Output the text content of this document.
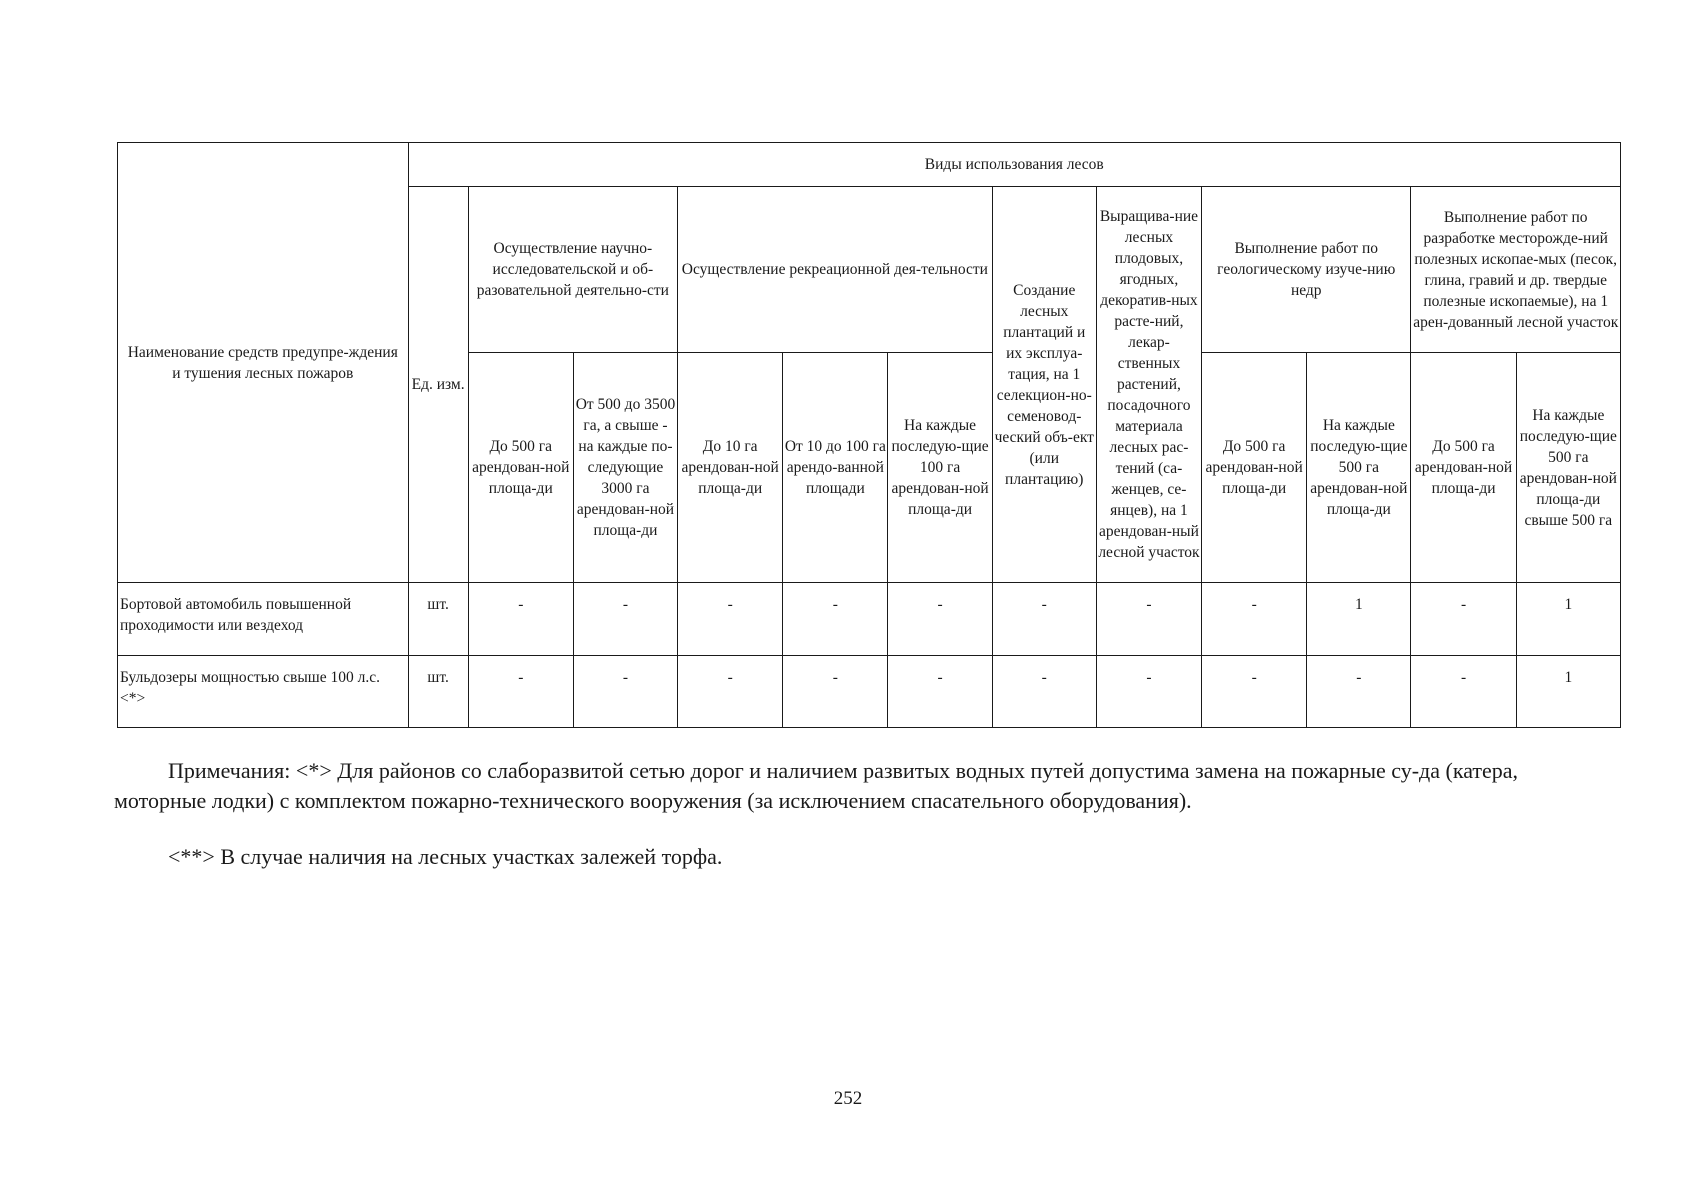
Наименование средств предупре-ждения и тушения лесных пожаров	Виды использования лесов											
	Ед. изм.	Осуществление научно-исследовательской и об-разовательной деятельно-сти		Осуществление рекреационной дея-тельности			Создание лесных плантаций и их эксплуа-тация, на 1 селекцион-но-семеновод-ческий объ-ект (или плантацию)	Выращива-ние лесных плодовых, ягодных, декоратив-ных расте-ний, лекар-ственных растений, посадочного материала лесных рас-тений (са-женцев, се-янцев), на 1 арендован-ный лесной участок	Выполнение работ по геологическому изуче-нию недр		Выполнение работ по разработке месторожде-ний полезных ископае-мых (песок, глина, гравий и др. твердые полезные ископаемые), на 1 арен-дованный лесной участок	
		До 500 га арендован-ной площа-ди	От 500 до 3500 га, а свыше - на каждые по-следующие 3000 га арендован-ной площа-ди	До 10 га арендован-ной площа-ди	От 10 до 100 га арендо-ванной площади	На каждые последую-щие 100 га арендован-ной площа-ди			До 500 га арендован-ной площа-ди	На каждые последую-щие 500 га арендован-ной площа-ди	До 500 га арендован-ной площа-ди	На каждые последую-щие 500 га арендован-ной площа-ди свыше 500 га
Бортовой автомобиль повышенной проходимости или вездеход	шт.	-	-	-	-	-	-	-	-	1	-	1
Бульдозеры мощностью свыше 100 л.с. <*>	шт.	-	-	-	-	-	-	-	-	-	-	1

Примечания: <*> Для районов со слаборазвитой сетью дорог и наличием развитых водных путей допустима замена на пожарные су-да (катера, моторные лодки) с комплектом пожарно-технического вооружения (за исключением спасательного оборудования).

<**> В случае наличия на лесных участках залежей торфа.

252
